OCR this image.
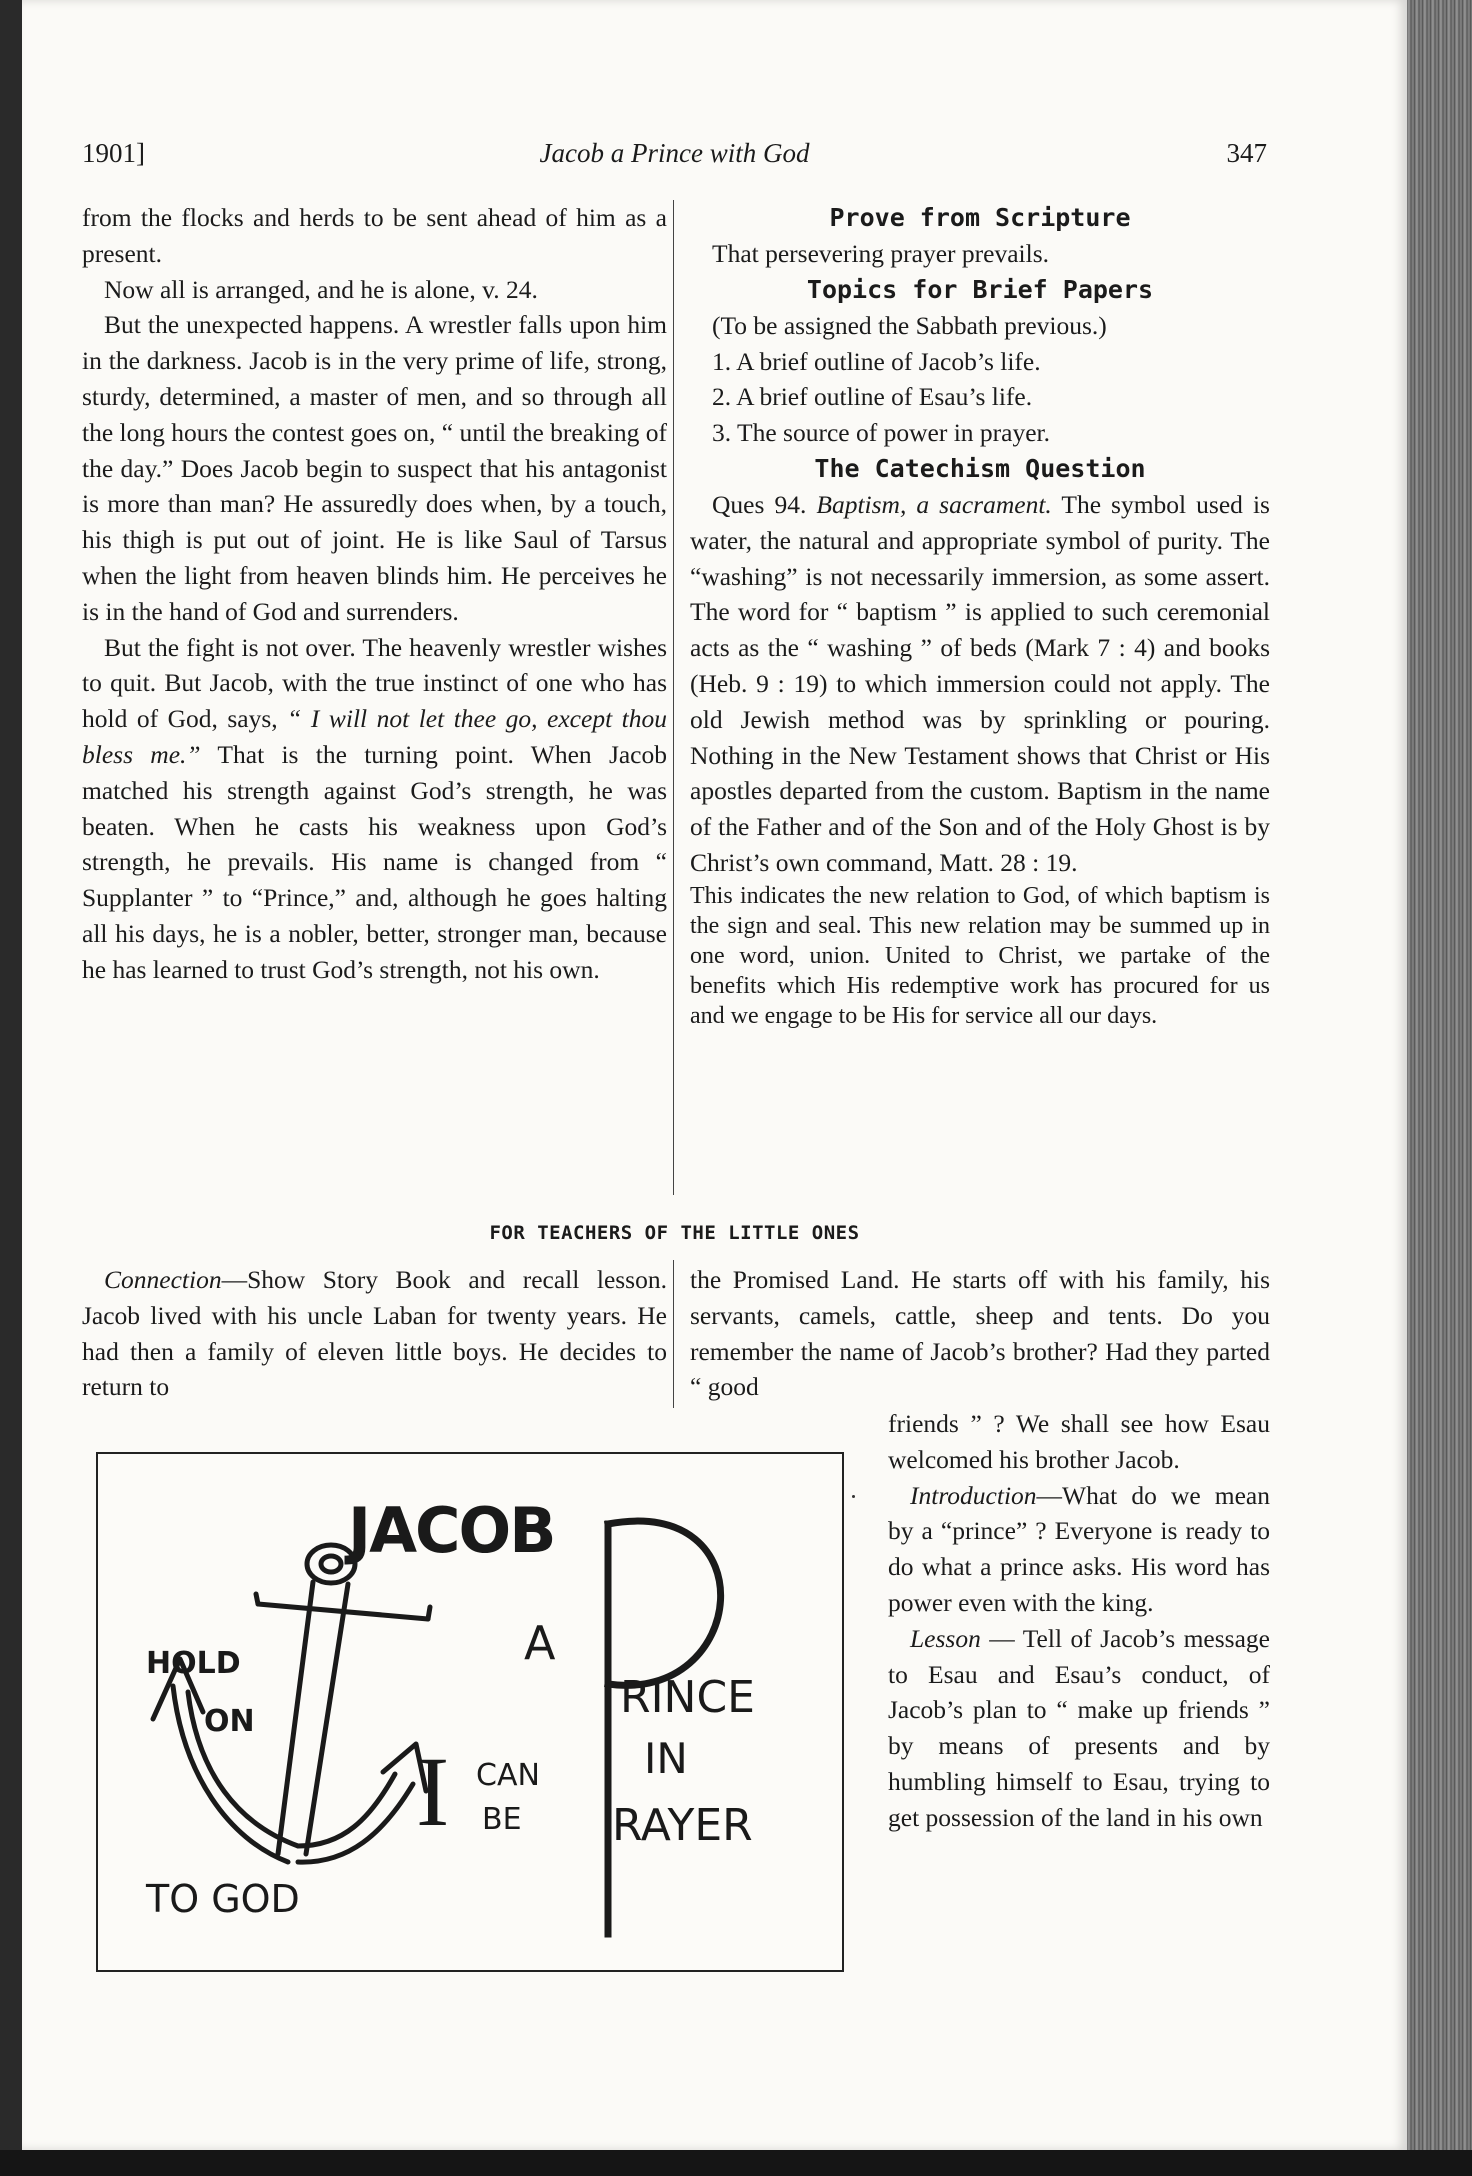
Jacob a Prince with God
1901]	347

from the flocks and herds to be sent ahead of him as a present.

Now all is arranged, and he is alone, v. 24.

But the unexpected happens. A wrestler falls upon him in the darkness. Jacob is in the very prime of life, strong, sturdy, determined, a master of men, and so through all the long hours the contest goes on, “ until the breaking of the day.” Does Jacob begin to suspect that his antagonist is more than man? He assuredly does when, by a touch, his thigh is put out of joint. He is like Saul of Tarsus when the light from heaven blinds him. He perceives he is in the hand of God and surrenders.

But the fight is not over. The heavenly wrestler wishes to quit. But Jacob, with the true instinct of one who has hold of God, says, “ I will not let thee go, except thou bless me.” That is the turning point. When Jacob matched his strength against God’s strength, he was beaten. When he casts his weakness upon God’s strength, he prevails. His name is changed from “ Supplanter ” to “Prince,” and, although he goes halting all his days, he is a nobler, better, stronger man, because he has learned to trust God’s strength, not his own.

Prove from Scripture

That persevering prayer prevails.

Topics for Brief Papers

(To be assigned the Sabbath previous.)

1. A brief outline of Jacob’s life.

2. A brief outline of Esau’s life.

3. The source of power in prayer.

The Catechism Question

Ques 94. Baptism, a sacrament. The symbol used is water, the natural and appropriate symbol of purity. The “washing” is not necessarily immersion, as some assert. The word for “ baptism ” is applied to such ceremonial acts as the “ washing ” of beds (Mark 7 : 4) and books (Heb. 9 : 19) to which immersion could not apply. The old Jewish method was by sprinkling or pouring. Nothing in the New Testament shows that Christ or His apostles departed from the custom. Baptism in the name of the Father and of the Son and of the Holy Ghost is by Christ’s own command, Matt. 28 : 19.

This indicates the new relation to God, of which baptism is the sign and seal. This new relation may be summed up in one word, union. United to Christ, we partake of the benefits which His redemptive work has procured for us and we engage to be His for service all our days.

FOR TEACHERS OF THE LITTLE ONES

Connection—Show Story Book and recall lesson. Jacob lived with his uncle Laban for twenty years. He had then a family of eleven little boys. He decides to return to

the Promised Land. He starts off with his family, his servants, camels, cattle, sheep and tents. Do you remember the name of Jacob’s brother? Had they parted “ good

friends ” ? We shall see how Esau welcomed his brother Jacob.

Introduction—What do we mean by a “prince” ? Everyone is ready to do what a prince asks. His word has power even with the king.

Lesson — Tell of Jacob’s message to Esau and Esau’s conduct, of Jacob’s plan to “ make up friends ” by means of presents and by humbling himself to Esau, trying to get possession of the land in his own

JACOB
HOLD
ON
TO GOD
A
RINCE
IN
RAYER
I CAN
BE
